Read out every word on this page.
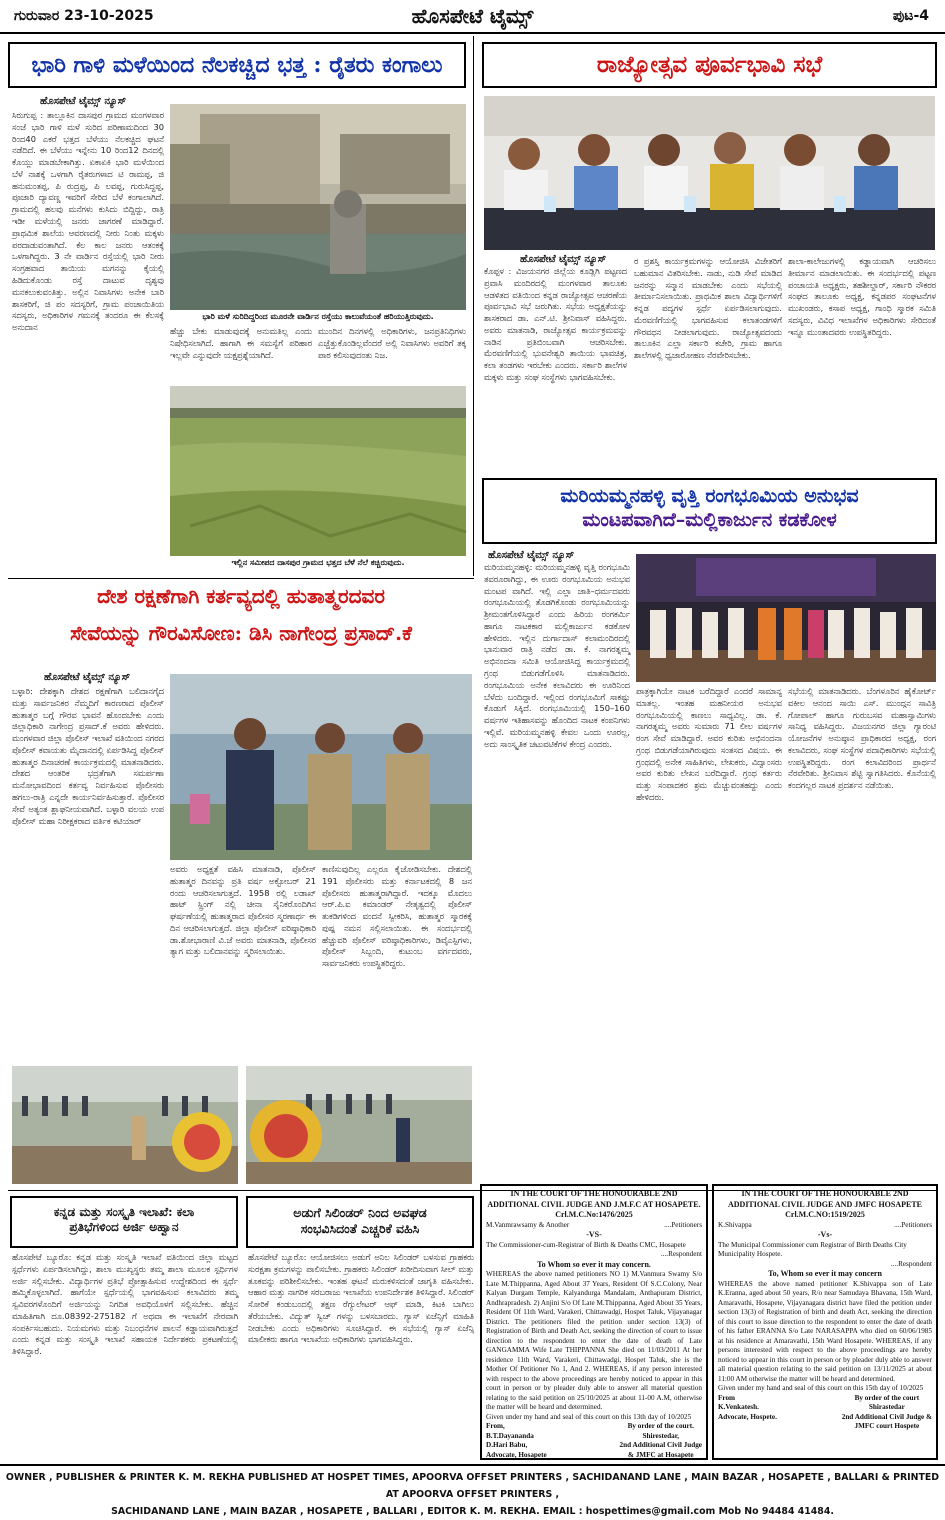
ಗುರುವಾರ 23-10-2025	ಹೊಸಪೇಟೆ ಟೈಮ್ಸ್	ಪುಟ-4
ಭಾರಿ ಗಾಳಿ ಮಳೆಯಿಂದ ನೆಲಕಚ್ಚಿದ ಭತ್ತ : ರೈತರು ಕಂಗಾಲು
ಹೊಸಪೇಟೆ ಟೈಮ್ಸ್ ನ್ಯೂಸ್
ಸಿರುಗುಪ್ಪ : ತಾಲ್ಲೂಕಿನ ದಾಸಪುರ ಗ್ರಾಮದ ಮಂಗಳವಾರ ಸಂಜೆ ಭಾರಿ ಗಾಳಿ ಮಳೆ ಸುರಿದ ಪರಿಣಾಮದಿಂದ 30 ರಿಂದ40 ಎಕರೆ ಭತ್ತದ ಬೆಳೆಯು ನೆಲಕಚ್ಚಿದ ಘಟನೆ ನಡೆದಿದೆ. ಈ ಬೆಳೆಯು ಇನ್ನೇನು 10 ರಿಂದ12 ದಿನದಲ್ಲಿ ಕೊಯ್ಲು ಮಾಡಬೇಕಾಗಿತ್ತು. ಏಕಾಏಕಿ ಭಾರಿ ಮಳೆಯಿಂದ ಬೆಳೆ ನಾಶಕ್ಕೆ ಒಳಗಾಗಿ ರೈತರುಗಳಾದ ಟಿ ರಾಮಪ್ಪ, ಜಿ ಹನುಮಂತಪ್ಪ, ಪಿ ರುದ್ರಪ್ಪ, ಪಿ ಲವಪ್ಪ, ಗುರುಸಿದ್ದಪ್ಪ, ಪೂಜಾರಿ ದ್ಯಾವಣ್ಣ ಇವರಿಗೆ ಸೇರಿದ ಬೆಳೆ ಕಂಗಾಲಾಗಿದೆ. ಗ್ರಾಮದಲ್ಲಿ ಹಲವು ಮನೆಗಳು ಕುಸಿದು ಬಿದ್ದಿದ್ದು, ರಾತ್ರಿ ಇಡೀ ಮಳೆಯಲ್ಲಿ ಜನರು ಜಾಗರಣೆ ಮಾಡಿದ್ದಾರೆ. ಪ್ರಾಥಮಿಕ ಶಾಲೆಯ ಆವರಣದಲ್ಲಿ ನೀರು ನಿಂತು ಮಕ್ಕಳು ಪರದಾಡುವಂತಾಗಿದೆ. ಕೆಲ ಕಾಲ ಜನರು ಆತಂಕಕ್ಕೆ ಒಳಗಾಗಿದ್ದರು. 3 ನೇ ವಾರ್ಡಿನ ರಸ್ತೆಯಲ್ಲಿ ಭಾರಿ ನೀರು ಸಂಗ್ರಹವಾದ ತಾಯಿಯ ಮಗನನ್ನು ಕೈಯಲ್ಲಿ ಹಿಡಿದುಕೊಂಡು ರಸ್ತೆ ದಾಟುವ ದೃಶ್ಯವು ಮನಕಲುಕುವಂತಿತ್ತು. ಅಲ್ಲಿನ ನಿವಾಸಿಗಳು ಅನೇಕ ಬಾರಿ ಶಾಸಕರಿಗೆ, ಜಿ ಪಂ ಸದಸ್ಯರಿಗೆ, ಗ್ರಾಮ ಪಂಚಾಯಿತಿಯ ಸದಸ್ಯರು, ಅಧಿಕಾರಿಗಳ ಗಮನಕ್ಕೆ ತಂದರೂ ಈ ಕೆಲಸಕ್ಕೆ ಅನುದಾನ
ಭಾರಿ ಮಳೆ ಸುರಿದಿದ್ದರಿಂದ ಮೂರನೇ ವಾರ್ಡಿನ ರಸ್ತೆಯು ಕಾಲುವೆಯಂತೆ ಹರಿಯುತ್ತಿರುವುದು.
ಹೆಚ್ಚು ಬೇಕು ಮಾಡುವುದಕ್ಕೆ ಅನುಮತಿಲ್ಲ ಎಂದು ನಿಷೇಧಿಸಲಾಗಿದೆ. ಹಾಗಾಗಿ ಈ ಸಮಸ್ಯೆಗೆ ಪರಿಹಾರ ಇಲ್ಲವೇ ಎನ್ನುವುದೇ ಯಕ್ಷಪ್ರಶ್ನೆಯಾಗಿದೆ.
ಮುಂದಿನ ದಿನಗಳಲ್ಲಿ ಅಧಿಕಾರಿಗಳು, ಜನಪ್ರತಿನಿಧಿಗಳು ಎಚ್ಚೆತ್ತುಕೊಂಡಿಲ್ಲವೆಂದರೆ ಅಲ್ಲಿ ನಿವಾಸಿಗಳು ಅವರಿಗೆ ತಕ್ಕ ಪಾಠ ಕಲಿಸುವುದಂತು ನಿಜ.
ಇಲ್ಲಿನ ಸಮೀಪದ ದಾಸಪುರ ಗ್ರಾಮದ ಭತ್ತದ ಬೆಳೆ ನೆಲೆ ಕಚ್ಚಿರುವುದು.
ರಾಜ್ಯೋತ್ಸವ ಪೂರ್ವಭಾವಿ ಸಭೆ
ಹೊಸಪೇಟೆ ಟೈಮ್ಸ್ ನ್ಯೂಸ್
ಕೊಪ್ಪಳ : ವಿಜಯನಗರ ಜಿಲ್ಲೆಯ ಕೂಡ್ಲಿಗಿ ಪಟ್ಟಣದ ಪ್ರವಾಸಿ ಮಂದಿರದಲ್ಲಿ ಮಂಗಳವಾರ ತಾಲೂಕು ಆಡಳಿತದ ವತಿಯಿಂದ ಕನ್ನಡ ರಾಜ್ಯೋತ್ಸವ ಆಚರಣೆಯ ಪೂರ್ವಭಾವಿ ಸಭೆ ಜರುಗಿತು. ಸಭೆಯ ಅಧ್ಯಕ್ಷತೆಯನ್ನು ಶಾಸಕರಾದ ಡಾ. ಎನ್.ಟಿ. ಶ್ರೀನಿವಾಸ್ ವಹಿಸಿದ್ದರು. ಅವರು ಮಾತನಾಡಿ, ರಾಜ್ಯೋತ್ಸವ ಕಾರ್ಯಕ್ರಮವನ್ನು ನಾಡಿನ ಪ್ರತಿಬಿಂಬವಾಗಿ ಆಚರಿಸಬೇಕು. ಮೆರವಣಿಗೆಯಲ್ಲಿ ಭುವನೇಶ್ವರಿ ತಾಯಿಯ ಭಾವಚಿತ್ರ, ಕಲಾ ತಂಡಗಳು ಇರಬೇಕು ಎಂದರು. ಸರ್ಕಾರಿ ಶಾಲೆಗಳ ಮಕ್ಕಳು ಮತ್ತು ಸಂಘ ಸಂಸ್ಥೆಗಳು ಭಾಗವಹಿಸಬೇಕು.
ರ ಪ್ರಶಸ್ತಿ ಕಾರ್ಯಕ್ರಮಗಳನ್ನು ಆಯೋಜಿಸಿ ವಿಜೇತರಿಗೆ ಬಹುಮಾನ ವಿತರಿಸಬೇಕು. ನಾಡು, ನುಡಿ ಸೇವೆ ಮಾಡಿದ ಜನರನ್ನು ಸನ್ಮಾನ ಮಾಡಬೇಕು ಎಂದು ಸಭೆಯಲ್ಲಿ ತೀರ್ಮಾನಿಸಲಾಯಿತು. ಪ್ರಾಥಮಿಕ ಶಾಲಾ ವಿದ್ಯಾರ್ಥಿಗಳಿಗೆ ಕನ್ನಡ ಪದ್ಯಗಳ ಸ್ಪರ್ಧೆ ಏರ್ಪಡಿಸಲಾಗುವುದು. ಮೆರವಣಿಗೆಯಲ್ಲಿ ಭಾಗವಹಿಸುವ ಕಲಾತಂಡಗಳಿಗೆ ಗೌರವಧನ ನೀಡಲಾಗುವುದು. ರಾಜ್ಯೋತ್ಸವದಂದು ತಾಲೂಕಿನ ಎಲ್ಲಾ ಸರ್ಕಾರಿ ಕಚೇರಿ, ಗ್ರಾಮ ಹಾಗೂ ಶಾಲೆಗಳಲ್ಲಿ ಧ್ವಜಾರೋಹಣ ನೆರವೇರಿಸಬೇಕು.
ಶಾಲಾ-ಕಾಲೇಜುಗಳಲ್ಲಿ ಕಡ್ಡಾಯವಾಗಿ ಆಚರಿಸಲು ತೀರ್ಮಾನ ಮಾಡಲಾಯಿತು. ಈ ಸಂದರ್ಭದಲ್ಲಿ ಪಟ್ಟಣ ಪಂಚಾಯತಿ ಅಧ್ಯಕ್ಷರು, ತಹಶೀಲ್ದಾರ್, ಸರ್ಕಾರಿ ನೌಕರರ ಸಂಘದ ತಾಲೂಕು ಅಧ್ಯಕ್ಷ, ಕನ್ನಡಪರ ಸಂಘಟನೆಗಳ ಮುಖಂಡರು, ಕಸಾಪ ಅಧ್ಯಕ್ಷ, ಗಾಂಧಿ ಸ್ಮಾರಕ ಸಮಿತಿ ಸದಸ್ಯರು, ವಿವಿಧ ಇಲಾಖೆಗಳ ಅಧಿಕಾರಿಗಳು ಸೇರಿದಂತೆ ಇನ್ನೂ ಮುಂತಾದವರು ಉಪಸ್ಥಿತರಿದ್ದರು.
ಮರಿಯಮ್ಮನಹಳ್ಳಿ ವೃತ್ತಿ ರಂಗಭೂಮಿಯ ಅನುಭವ
ಮಂಟಪವಾಗಿದೆ–ಮಲ್ಲಿಕಾರ್ಜುನ ಕಡಕೋಳ
ಹೊಸಪೇಟೆ ಟೈಮ್ಸ್ ನ್ಯೂಸ್
ಮರಿಯಮ್ಮನಹಳ್ಳಿ: ಮರಿಯಮ್ಮನಹಳ್ಳಿ ವೃತ್ತಿ ರಂಗಭೂಮಿ ತವರೂರಾಗಿದ್ದು, ಈ ಊರು ರಂಗಭೂಮಿಯ ಅನುಭವ ಮಂಟಪ ವಾಗಿದೆ. ಇಲ್ಲಿ ಎಲ್ಲಾ ಜಾತಿ–ಧರ್ಮದವರು ರಂಗಭೂಮಿಯಲ್ಲಿ ತೊಡಗಿಕೊಂಡು ರಂಗಭೂಮಿಯನ್ನು ಶ್ರೀಮಂತಗೊಳಿಸಿದ್ದಾರೆ ಎಂದು ಹಿರಿಯ ರಂಗಕರ್ಮಿ ಹಾಗೂ ನಾಟಕಕಾರ ಮಲ್ಲಿಕಾರ್ಜುನ ಕಡಕೋಳ ಹೇಳಿದರು. ಇಲ್ಲಿನ ದುರ್ಗಾದಾಸ್ ಕಲಾಮಂದಿರದಲ್ಲಿ ಭಾನುವಾರ ರಾತ್ರಿ ನಡೆದ ಡಾ. ಕೆ. ನಾಗರತ್ನಮ್ಮ ಅಭಿನಂದನಾ ಸಮಿತಿ ಆಯೋಜಿಸಿದ್ದ ಕಾರ್ಯಕ್ರಮದಲ್ಲಿ ಗ್ರಂಥ ಬಿಡುಗಡೆಗೊಳಿಸಿ ಮಾತನಾಡಿದರು. ರಂಗಭೂಮಿಯ ಅನೇಕ ಕಲಾವಿದರು ಈ ಊರಿನಿಂದ ಬೆಳೆದು ಬಂದಿದ್ದಾರೆ. ಇಲ್ಲಿಂದ ರಂಗಭೂಮಿಗೆ ಸಾಕಷ್ಟು ಕೊಡುಗೆ ಸಿಕ್ಕಿದೆ. ರಂಗಭೂಮಿಯಲ್ಲಿ 150–160 ವರ್ಷಗಳ ಇತಿಹಾಸವನ್ನು ಹೊಂದಿದ ನಾಟಕ ಕಂಪನಿಗಳು ಇಲ್ಲಿವೆ. ಮರಿಯಮ್ಮನಹಳ್ಳಿ ಕೇವಲ ಒಂದು ಊರಲ್ಲ, ಅದು ಸಾಂಸ್ಕೃತಿಕ ಚಟುವಟಿಕೆಗಳ ಕೇಂದ್ರ ಎಂದರು.
ಪಾತ್ರಕ್ಕಾಗಿಯೇ ನಾಟಕ ಬರೆದಿದ್ದಾರೆ ಎಂದರೆ ಸಾಮಾನ್ಯ ಮಾತಲ್ಲ. ಇಂತಹ ಮಹನೀಯರ ಅನುಭವ ರಂಗಭೂಮಿಯಲ್ಲಿ ಕಾಣಲು ಸಾಧ್ಯವಿಲ್ಲ. ಡಾ. ಕೆ. ನಾಗರತ್ನಮ್ಮ ಅವರು ಸುಮಾರು 71 ಲೀಲ ವರ್ಷಗಳ ರಂಗ ಸೇವೆ ಮಾಡಿದ್ದಾರೆ. ಅವರ ಕುರಿತು ಅಭಿನಂದನಾ ಗ್ರಂಥ ಬಿಡುಗಡೆಯಾಗಿರುವುದು ಸಂತಸದ ವಿಷಯ. ಈ ಗ್ರಂಥದಲ್ಲಿ ಅನೇಕ ಸಾಹಿತಿಗಳು, ಲೇಖಕರು, ವಿದ್ವಾಂಸರು ಅವರ ಕುರಿತು ಲೇಖನ ಬರೆದಿದ್ದಾರೆ. ಗ್ರಂಥ ಕರ್ತರು ಮತ್ತು ಸಂಪಾದಕರ ಶ್ರಮ ಮೆಚ್ಚುವಂತಹದ್ದು ಎಂದು ಹೇಳಿದರು.
ಸಭೆಯಲ್ಲಿ ಮಾತನಾಡಿದರು. ಬೆಂಗಳೂರಿನ ಹೈಕೋರ್ಟ್ ವಕೀಲ ಆನಂದ ಸಾಯಿ ಎಸ್. ಮುಂದ್ಗನ ಸಾವಿತ್ರಿ ಗೋಪಾಲ್ ಹಾಗೂ ಗುರುಬಸವ ಮಹಾಸ್ವಾಮಿಗಳು ಸಾನಿಧ್ಯ ವಹಿಸಿದ್ದರು. ವಿಜಯನಗರ ಜಿಲ್ಲಾ ಗ್ಯಾರಂಟಿ ಯೋಜನೆಗಳ ಅನುಷ್ಠಾನ ಪ್ರಾಧಿಕಾರದ ಅಧ್ಯಕ್ಷ, ರಂಗ ಕಲಾವಿದರು, ಸಂಘ ಸಂಸ್ಥೆಗಳ ಪದಾಧಿಕಾರಿಗಳು ಸಭೆಯಲ್ಲಿ ಉಪಸ್ಥಿತರಿದ್ದರು. ರಂಗ ಕಲಾವಿದರಿಂದ ಪ್ರಾರ್ಥನೆ ನೆರವೇರಿತು. ಶ್ರೀನಿವಾಸ ಶೆಟ್ಟಿ ಸ್ವಾಗತಿಸಿದರು. ಕೊನೆಯಲ್ಲಿ ಕಂದಗಲ್ಲರ ನಾಟಕ ಪ್ರದರ್ಶನ ನಡೆಯಿತು.
ದೇಶ ರಕ್ಷಣೆಗಾಗಿ ಕರ್ತವ್ಯದಲ್ಲಿ ಹುತಾತ್ಮರದವರ
ಸೇವೆಯನ್ನು ಗೌರವಿಸೋಣ: ಡಿಸಿ ನಾಗೇಂದ್ರ ಪ್ರಸಾದ್.ಕೆ
ಹೊಸಪೇಟೆ ಟೈಮ್ಸ್ ನ್ಯೂಸ್
ಬಳ್ಳಾರಿ: ದೇಶಕ್ಕಾಗಿ ದೇಶದ ರಕ್ಷಣೆಗಾಗಿ ಬಲಿದಾನಗೈದ ಮತ್ತು ಸಾರ್ವಜನಿಕರ ನೆಮ್ಮದಿಗೆ ಕಾರಣರಾದ ಪೊಲೀಸ್ ಹುತಾತ್ಮರ ಬಗ್ಗೆ ಗೌರವ ಭಾವನೆ ಹೊಂದಬೇಕು ಎಂದು ಜಿಲ್ಲಾಧಿಕಾರಿ ನಾಗೇಂದ್ರ ಪ್ರಸಾದ್.ಕೆ ಅವರು ಹೇಳಿದರು. ಮಂಗಳವಾರ ಜಿಲ್ಲಾ ಪೊಲೀಸ್ ಇಲಾಖೆ ವತಿಯಿಂದ ನಗರದ ಪೊಲೀಸ್ ಕವಾಯತು ಮೈದಾನದಲ್ಲಿ ಏರ್ಪಡಿಸಿದ್ದ ಪೊಲೀಸ್ ಹುತಾತ್ಮರ ದಿನಾಚರಣೆ ಕಾರ್ಯಕ್ರಮದಲ್ಲಿ ಮಾತನಾಡಿದರು. ದೇಶದ ಆಂತರಿಕ ಭದ್ರತೆಗಾಗಿ ಸಮರ್ಪಣಾ ಮನೋಭಾವದಿಂದ ಕರ್ತವ್ಯ ನಿರ್ವಹಿಸುವ ಪೊಲೀಸರು ಹಗಲು-ರಾತ್ರಿ ಎನ್ನದೇ ಕಾರ್ಯನಿರ್ವಹಿಸುತ್ತಾರೆ. ಪೊಲೀಸರ ಸೇವೆ ಅತ್ಯಂತ ಶ್ಲಾಘನೀಯವಾಗಿದೆ. ಬಳ್ಳಾರಿ ವಲಯ ಉಪ ಪೊಲೀಸ್ ಮಹಾ ನಿರೀಕ್ಷಕರಾದ ವರ್ತಿಕ ಕಟಿಯಾರ್
ಅವರು ಅಧ್ಯಕ್ಷತೆ ವಹಿಸಿ ಮಾತನಾಡಿ, ಪೊಲೀಸ್ ಹುತಾತ್ಮರ ದಿನವನ್ನು ಪ್ರತಿ ವರ್ಷ ಅಕ್ಟೋಬರ್ 21 ರಂದು ಆಚರಿಸಲಾಗುತ್ತದೆ. 1958 ರಲ್ಲಿ ಲಡಾಖ್ ಹಾಟ್ ಸ್ಪ್ರಿಂಗ್ ನಲ್ಲಿ ಚೀನಾ ಸೈನಿಕರೊಂದಿಗಿನ ಘರ್ಷಣೆಯಲ್ಲಿ ಹುತಾತ್ಮರಾದ ಪೊಲೀಸರ ಸ್ಮರಣಾರ್ಥ ಈ ದಿನ ಆಚರಿಸಲಾಗುತ್ತದೆ. ಜಿಲ್ಲಾ ಪೊಲೀಸ್ ವರಿಷ್ಠಾಧಿಕಾರಿ ಡಾ.ಶೋಭಾರಾಣಿ ವಿ.ಜೆ ಅವರು ಮಾತನಾಡಿ, ಪೊಲೀಸರ ತ್ಯಾಗ ಮತ್ತು ಬಲಿದಾನವನ್ನು ಸ್ಮರಿಸಲಾಯಿತು.
ಕಾಣಿಸುವುದಿಲ್ಲ ಎಲ್ಲರೂ ಕೈಜೋಡಿಸಬೇಕು. ದೇಶದಲ್ಲಿ 191 ಪೊಲೀಸರು ಮತ್ತು ಕರ್ನಾಟಕದಲ್ಲಿ 8 ಜನ ಪೊಲೀಸರು ಹುತಾತ್ಮರಾಗಿದ್ದಾರೆ. ಇದಕ್ಕೂ ಮೊದಲು ಆರ್.ಪಿ.ಐ ಕಮಾಂಡರ್ ನೇತೃತ್ವದಲ್ಲಿ ಪೊಲೀಸ್ ತುಕಡಿಗಳಿಂದ ವಂದನೆ ಸ್ವೀಕರಿಸಿ, ಹುತಾತ್ಮರ ಸ್ಮಾರಕಕ್ಕೆ ಪುಷ್ಪ ನಮನ ಸಲ್ಲಿಸಲಾಯಿತು. ಈ ಸಂದರ್ಭದಲ್ಲಿ ಹೆಚ್ಚುವರಿ ಪೊಲೀಸ್ ವರಿಷ್ಠಾಧಿಕಾರಿಗಳು, ಡಿವೈಎಸ್ಪಿಗಳು, ಪೊಲೀಸ್ ಸಿಬ್ಬಂದಿ, ಕುಟುಂಬ ವರ್ಗದವರು, ಸಾರ್ವಜನಿಕರು ಉಪಸ್ಥಿತರಿದ್ದರು.
ಕನ್ನಡ ಮತ್ತು ಸಂಸ್ಕೃತಿ ಇಲಾಖೆ: ಕಲಾ
ಪ್ರತಿಭೆಗಳಿಂದ ಅರ್ಜಿ ಅಹ್ವಾನ
ಹೊಸಪೇಟೆ ಬ್ಯೂರೊ: ಕನ್ನಡ ಮತ್ತು ಸಂಸ್ಕೃತಿ ಇಲಾಖೆ ವತಿಯಿಂದ ಜಿಲ್ಲಾ ಮಟ್ಟದ ಸ್ಪರ್ಧೆಗಳು ಏರ್ಪಡಿಸಲಾಗಿದ್ದು, ಶಾಲಾ ಮುಖ್ಯಸ್ಥರು ತಮ್ಮ ಶಾಲಾ ಮೂಲಕ ಸ್ಪರ್ಧಿಗಳ ಅರ್ಜಿ ಸಲ್ಲಿಸಬೇಕು. ವಿದ್ಯಾರ್ಥಿಗಳ ಪ್ರತಿಭೆ ಪ್ರೋತ್ಸಾಹಿಸುವ ಉದ್ದೇಶದಿಂದ ಈ ಸ್ಪರ್ಧೆ ಹಮ್ಮಿಕೊಳ್ಳಲಾಗಿದೆ. ಹಾಗೆಯೇ ಸ್ಪರ್ಧೆಯಲ್ಲಿ ಭಾಗವಹಿಸುವ ಕಲಾವಿದರು ತಮ್ಮ ಸ್ವವಿವರಗಳೊಂದಿಗೆ ಅರ್ಜಿಯನ್ನು ನಿಗದಿತ ಅವಧಿಯೊಳಗೆ ಸಲ್ಲಿಸಬೇಕು. ಹೆಚ್ಚಿನ ಮಾಹಿತಿಗಾಗಿ ದೂ.08392-275182 ಗೆ ಅಥವಾ ಈ ಇಲಾಖೆಗೆ ನೇರವಾಗಿ ಸಂಪರ್ಕಿಸಬಹುದು. ನಿಯಮಗಳು ಮತ್ತು ನಿಬಂಧನೆಗಳ ಪಾಲನೆ ಕಡ್ಡಾಯವಾಗಿರುತ್ತದೆ ಎಂದು ಕನ್ನಡ ಮತ್ತು ಸಂಸ್ಕೃತಿ ಇಲಾಖೆ ಸಹಾಯಕ ನಿರ್ದೇಶಕರು ಪ್ರಕಟಣೆಯಲ್ಲಿ ತಿಳಿಸಿದ್ದಾರೆ.
ಅಡುಗೆ ಸಿಲಿಂಡರ್ ನಿಂದ ಅವಘಡ
ಸಂಭವಿಸಿದಂತೆ ಎಚ್ಚರಿಕೆ ವಹಿಸಿ
ಹೊಸಪೇಟೆ ಬ್ಯೂರೊ: ಆಯೋಜಿಸಲು ಅಡುಗೆ ಅನಿಲ ಸಿಲಿಂಡರ್ ಬಳಸುವ ಗ್ರಾಹಕರು ಸುರಕ್ಷತಾ ಕ್ರಮಗಳನ್ನು ಪಾಲಿಸಬೇಕು. ಗ್ರಾಹಕರು ಸಿಲಿಂಡರ್ ಖರೀದಿಸುವಾಗ ಸೀಲ್ ಮತ್ತು ತೂಕವನ್ನು ಪರಿಶೀಲಿಸಬೇಕು. ಇಂತಹ ಘಟನೆ ಮರುಕಳಿಸದಂತೆ ಜಾಗೃತಿ ವಹಿಸಬೇಕು. ಆಹಾರ ಮತ್ತು ನಾಗರಿಕ ಸರಬರಾಜು ಇಲಾಖೆಯ ಉಪನಿರ್ದೇಶಕ ತಿಳಿಸಿದ್ದಾರೆ. ಸಿಲಿಂಡರ್ ಸೋರಿಕೆ ಕಂಡುಬಂದಲ್ಲಿ ತಕ್ಷಣ ರೆಗ್ಯುಲೇಟರ್ ಆಫ್ ಮಾಡಿ, ಕಿಟಕಿ ಬಾಗಿಲು ತೆರೆಯಬೇಕು. ವಿದ್ಯುತ್ ಸ್ವಿಚ್ ಗಳನ್ನು ಬಳಸಬಾರದು. ಗ್ಯಾಸ್ ಏಜೆನ್ಸಿಗೆ ಮಾಹಿತಿ ನೀಡಬೇಕು ಎಂದು ಅಧಿಕಾರಿಗಳು ಸೂಚಿಸಿದ್ದಾರೆ. ಈ ಸಭೆಯಲ್ಲಿ ಗ್ಯಾಸ್ ಏಜೆನ್ಸಿ ಮಾಲೀಕರು ಹಾಗೂ ಇಲಾಖೆಯ ಅಧಿಕಾರಿಗಳು ಭಾಗವಹಿಸಿದ್ದರು.
IN THE COURT OF THE HONOURABLE 2ND ADDITIONAL CIVIL JUDGE AND J.M.F.C AT HOSAPETE.
Crl.M.C.No:1476/2025
M.Vanmrawsamy & Another	....Petitioners
-VS-
The Commissioner-cum-Registrar of Birth & Deaths CMC, Hosapete
....Respondent
To Whom so ever it may concern.
WHEREAS the above named petitioners NO 1) M.Vanmura Swamy S/o Late M.Thippanna, Aged About 37 Years, Resident Of S.C.Colony, Near Kalyan Durgam Temple, Kalyandurga Mandalam, Anthapuram District, Andhrapradesh. 2) Anjini S/o Of Late M.Thippanna, Aged About 35 Years, Resident Of 11th Ward, Varakeri, Chittawadgi, Hospet Taluk, Vijayanagar District. The petitioners filed the petition under section 13(3) of Registration of Birth and Death Act, seeking the direction of court to issue direction to the respondent to enter the date of death of Late GANGAMMA Wife Late THIPPANNA She died on 11/03/2011 At her residence 11th Ward, Varakeri, Chittawadgi, Hospet Taluk, she is the Mother Of Petitioner No 1, And 2. WHEREAS, if any person interested with respect to the above proceedings are hereby noticed to appear in this court in person or by pleader duly able to answer all material question relating to the said petition on 25/10/2025 at about 11-00 A.M, otherwise the matter will be heard and determined.
Given under my hand and seal of this court on this 13th day of 10/2025
From,
B.T.Dayananda
D.Hari Babu,
Advocate, Hosapete
By order of the court.
Shirestedar,
2nd Additional Civil Judge
& JMFC at Hosapete
IN THE COURT OF THE HONOURABLE 2ND ADDITIONAL CIVIL JUDGE AND JMFC HOSAPETE
Crl.M.C.NO:1519/2025
K.Shivappa	....Petitioners
-Vs-
The Municipal Commissioner cum Registrar of Birth Deaths City Municipality Hospete.
....Respondent
To, Whom so ever it may concern
WHEREAS the above named petitioner K.Shivappa son of Late K.Eranna, aged about 50 years, R/o near Samudaya Bhavana, 15th Ward, Amaravathi, Hosapete, Vijayanagara district have filed the petition under section 13(3) of Registration of birth and death Act, seeking the direction of this court to issue direction to the respondent to enter the date of death of his father ERANNA S/o Late NARASAPPA who died on 60/06/1985 at his residence at Amaravathi, 15th Ward Hosapete. WHEREAS, if any persons interested with respect to the above proceedings are hereby noticed to appear in this court in person or by pleader duly able to answer all material question relating to the said petition on 13/11/2025 at about 11:00 AM otherwise the matter will be heard and determined.
Given under my hand and seal of this court on this 15th day of 10/2025
From
K.Venkatesh.
Advocate, Hospete.
By order of the court
Shirastedar
2nd Additional Civil Judge &
JMFC court Hospete
OWNER , PUBLISHER & PRINTER K. M. REKHA PUBLISHED AT HOSPET TIMES, APOORVA OFFSET PRINTERS , SACHIDANAND LANE , MAIN BAZAR , HOSAPETE , BALLARI & PRINTED AT APOORVA OFFSET PRINTERS ,
SACHIDANAND LANE , MAIN BAZAR , HOSAPETE , BALLARI , EDITOR K. M. REKHA. EMAIL : hospettimes@gmail.com Mob No 94484 41484.
